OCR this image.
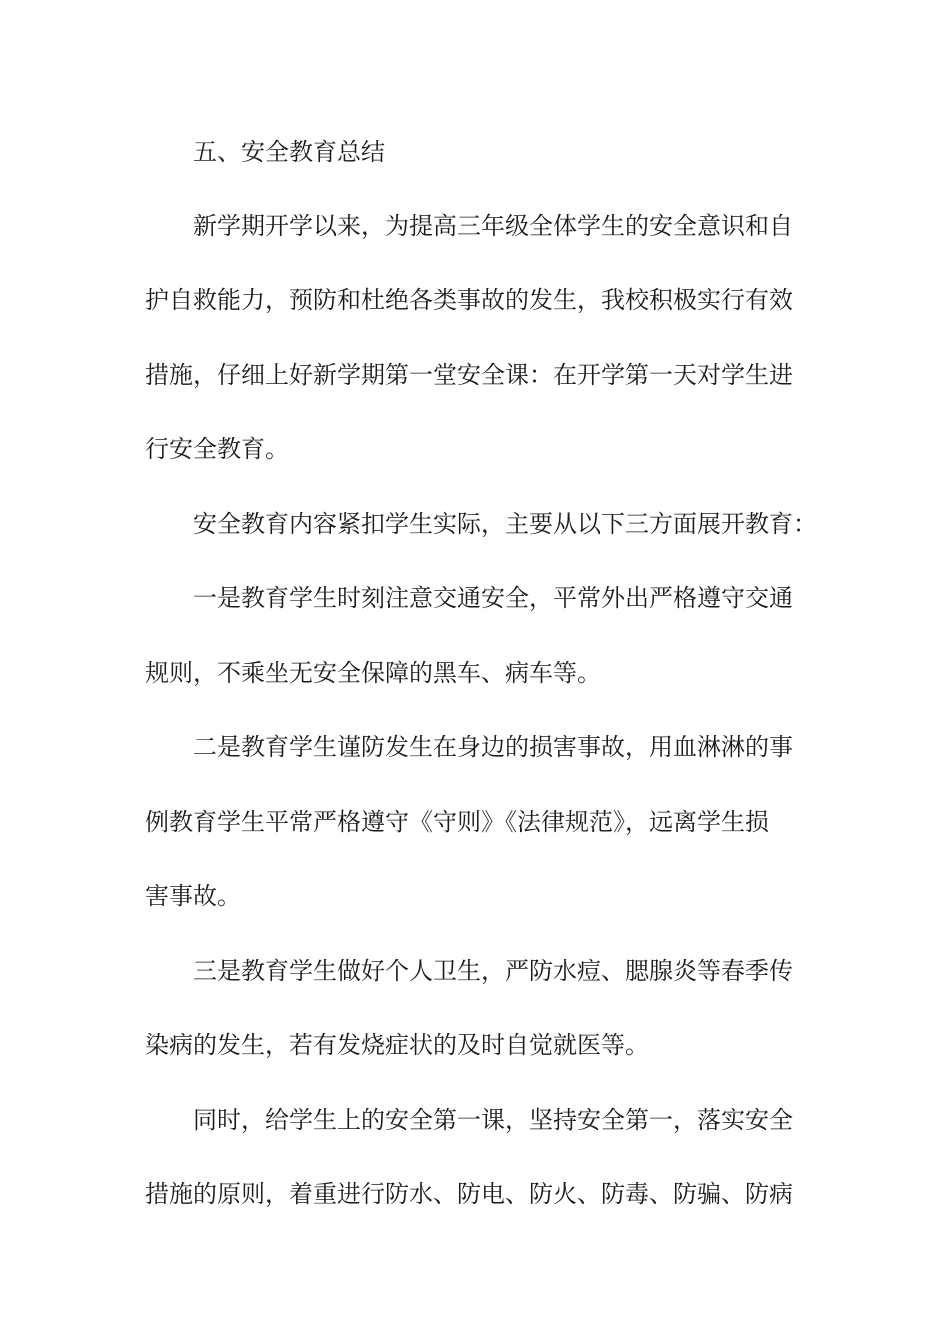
五、安全教育总结

新学期开学以来，为提高三年级全体学生的安全意识和自

护自救能力，预防和杜绝各类事故的发生，我校积极实行有效

措施，仔细上好新学期第一堂安全课：在开学第一天对学生进

行安全教育。

安全教育内容紧扣学生实际，主要从以下三方面展开教育：

一是教育学生时刻注意交通安全，平常外出严格遵守交通

规则，不乘坐无安全保障的黑车、病车等。

二是教育学生谨防发生在身边的损害事故，用血淋淋的事

例教育学生平常严格遵守《守则》《法律规范》，远离学生损

害事故。

三是教育学生做好个人卫生，严防水痘、腮腺炎等春季传

染病的发生，若有发烧症状的及时自觉就医等。

同时，给学生上的安全第一课，坚持安全第一，落实安全

措施的原则，着重进行防水、防电、防火、防毒、防骗、防病
